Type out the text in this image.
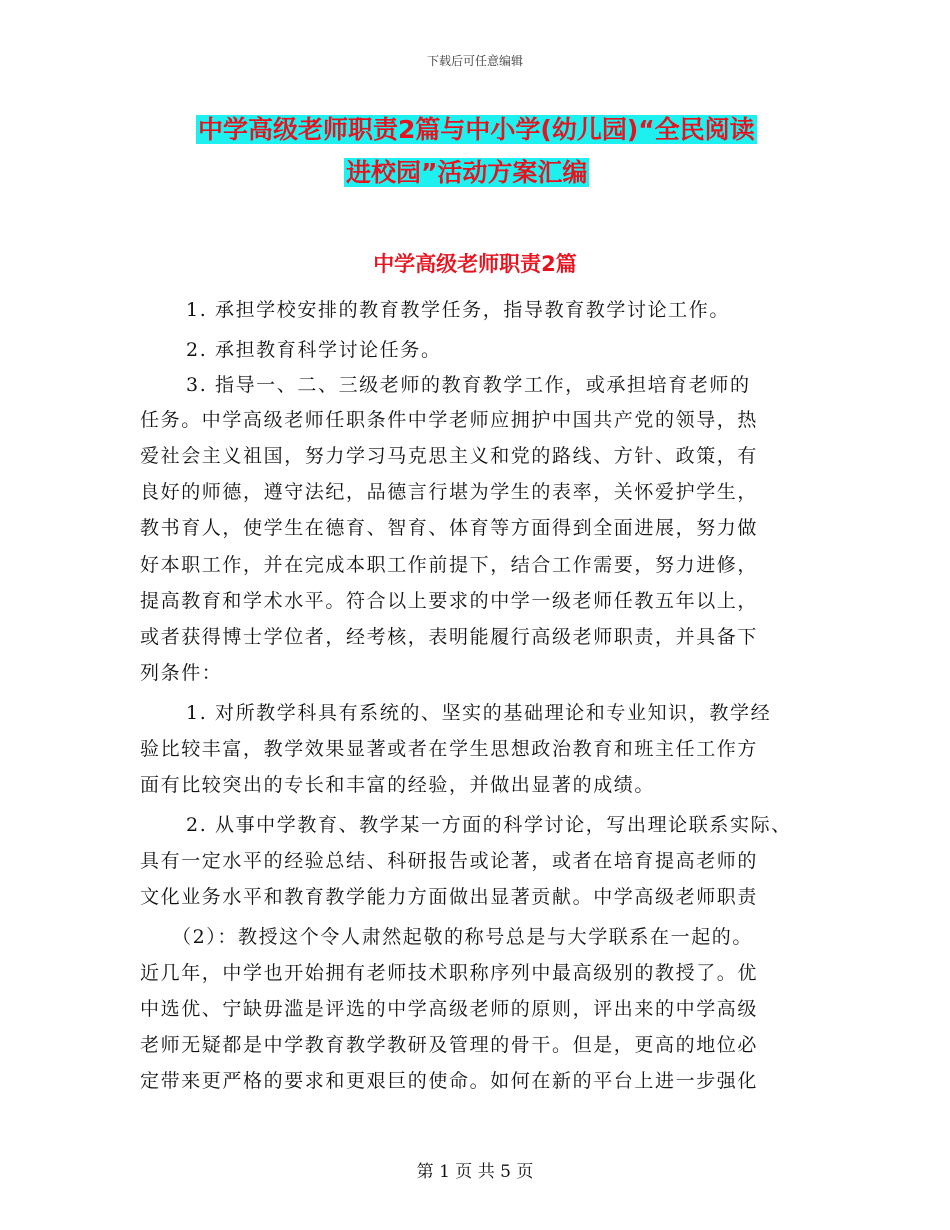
下载后可任意编辑
中学高级老师职责2篇与中小学(幼儿园)“全民阅读
进校园”活动方案汇编
中学高级老师职责2篇
1. 承担学校安排的教育教学任务，指导教育教学讨论工作。
2. 承担教育科学讨论任务。
3. 指导一、二、三级老师的教育教学工作，或承担培育老师的
任务。中学高级老师任职条件中学老师应拥护中国共产党的领导，热
爱社会主义祖国，努力学习马克思主义和党的路线、方针、政策，有
良好的师德，遵守法纪，品德言行堪为学生的表率，关怀爱护学生，
教书育人，使学生在德育、智育、体育等方面得到全面进展，努力做
好本职工作，并在完成本职工作前提下，结合工作需要，努力进修，
提高教育和学术水平。符合以上要求的中学一级老师任教五年以上，
或者获得博士学位者，经考核，表明能履行高级老师职责，并具备下
列条件：
1. 对所教学科具有系统的、坚实的基础理论和专业知识，教学经
验比较丰富，教学效果显著或者在学生思想政治教育和班主任工作方
面有比较突出的专长和丰富的经验，并做出显著的成绩。
2. 从事中学教育、教学某一方面的科学讨论，写出理论联系实际、
具有一定水平的经验总结、科研报告或论著，或者在培育提高老师的
文化业务水平和教育教学能力方面做出显著贡献。中学高级老师职责
（2）：教授这个令人肃然起敬的称号总是与大学联系在一起的。
近几年，中学也开始拥有老师技术职称序列中最高级别的教授了。优
中选优、宁缺毋滥是评选的中学高级老师的原则，评出来的中学高级
老师无疑都是中学教育教学教研及管理的骨干。但是，更高的地位必
定带来更严格的要求和更艰巨的使命。如何在新的平台上进一步强化
第 1 页 共 5 页
